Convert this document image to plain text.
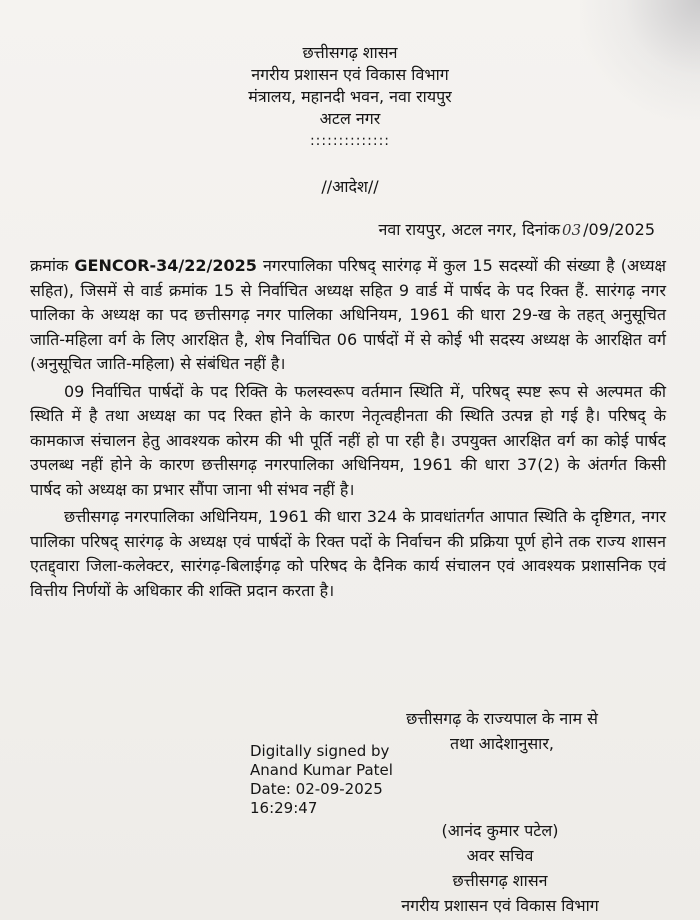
छत्तीसगढ़ शासन
नगरीय प्रशासन एवं विकास विभाग
मंत्रालय, महानदी भवन, नवा रायपुर
अटल नगर
::::::::::::::
//आदेश//
नवा रायपुर, अटल नगर, दिनांक 03 /09/2025

क्रमांक GENCOR-34/22/2025 नगरपालिका परिषद् सारंगढ़ में कुल 15 सदस्यों की संख्या है (अध्यक्ष सहित), जिसमें से वार्ड क्रमांक 15 से निर्वाचित अध्यक्ष सहित 9 वार्ड में पार्षद के पद रिक्त हैं. सारंगढ़ नगर पालिका के अध्यक्ष का पद छत्तीसगढ़ नगर पालिका अधिनियम, 1961 की धारा 29-ख के तहत् अनुसूचित जाति-महिला वर्ग के लिए आरक्षित है, शेष निर्वाचित 06 पार्षदों में से कोई भी सदस्य अध्यक्ष के आरक्षित वर्ग (अनुसूचित जाति-महिला) से संबंधित नहीं है।

09 निर्वाचित पार्षदों के पद रिक्ति के फलस्वरूप वर्तमान स्थिति में, परिषद् स्पष्ट रूप से अल्पमत की स्थिति में है तथा अध्यक्ष का पद रिक्त होने के कारण नेतृत्वहीनता की स्थिति उत्पन्न हो गई है। परिषद् के कामकाज संचालन हेतु आवश्यक कोरम की भी पूर्ति नहीं हो पा रही है। उपयुक्त आरक्षित वर्ग का कोई पार्षद उपलब्ध नहीं होने के कारण छत्तीसगढ़ नगरपालिका अधिनियम, 1961 की धारा 37(2) के अंतर्गत किसी पार्षद को अध्यक्ष का प्रभार सौंपा जाना भी संभव नहीं है।

छत्तीसगढ़ नगरपालिका अधिनियम, 1961 की धारा 324 के प्रावधांतर्गत आपात स्थिति के दृष्टिगत, नगर पालिका परिषद् सारंगढ़ के अध्यक्ष एवं पार्षदों के रिक्त पदों के निर्वाचन की प्रक्रिया पूर्ण होने तक राज्य शासन एतद्द्वारा जिला-कलेक्टर, सारंगढ़-बिलाईगढ़ को परिषद के दैनिक कार्य संचालन एवं आवश्यक प्रशासनिक एवं वित्तीय निर्णयों के अधिकार की शक्ति प्रदान करता है।

छत्तीसगढ़ के राज्यपाल के नाम से
तथा आदेशानुसार,
Digitally signed by
Anand Kumar Patel
Date: 02-09-2025
16:29:47
(आनंद कुमार पटेल)
अवर सचिव
छत्तीसगढ़ शासन
नगरीय प्रशासन एवं विकास विभाग
